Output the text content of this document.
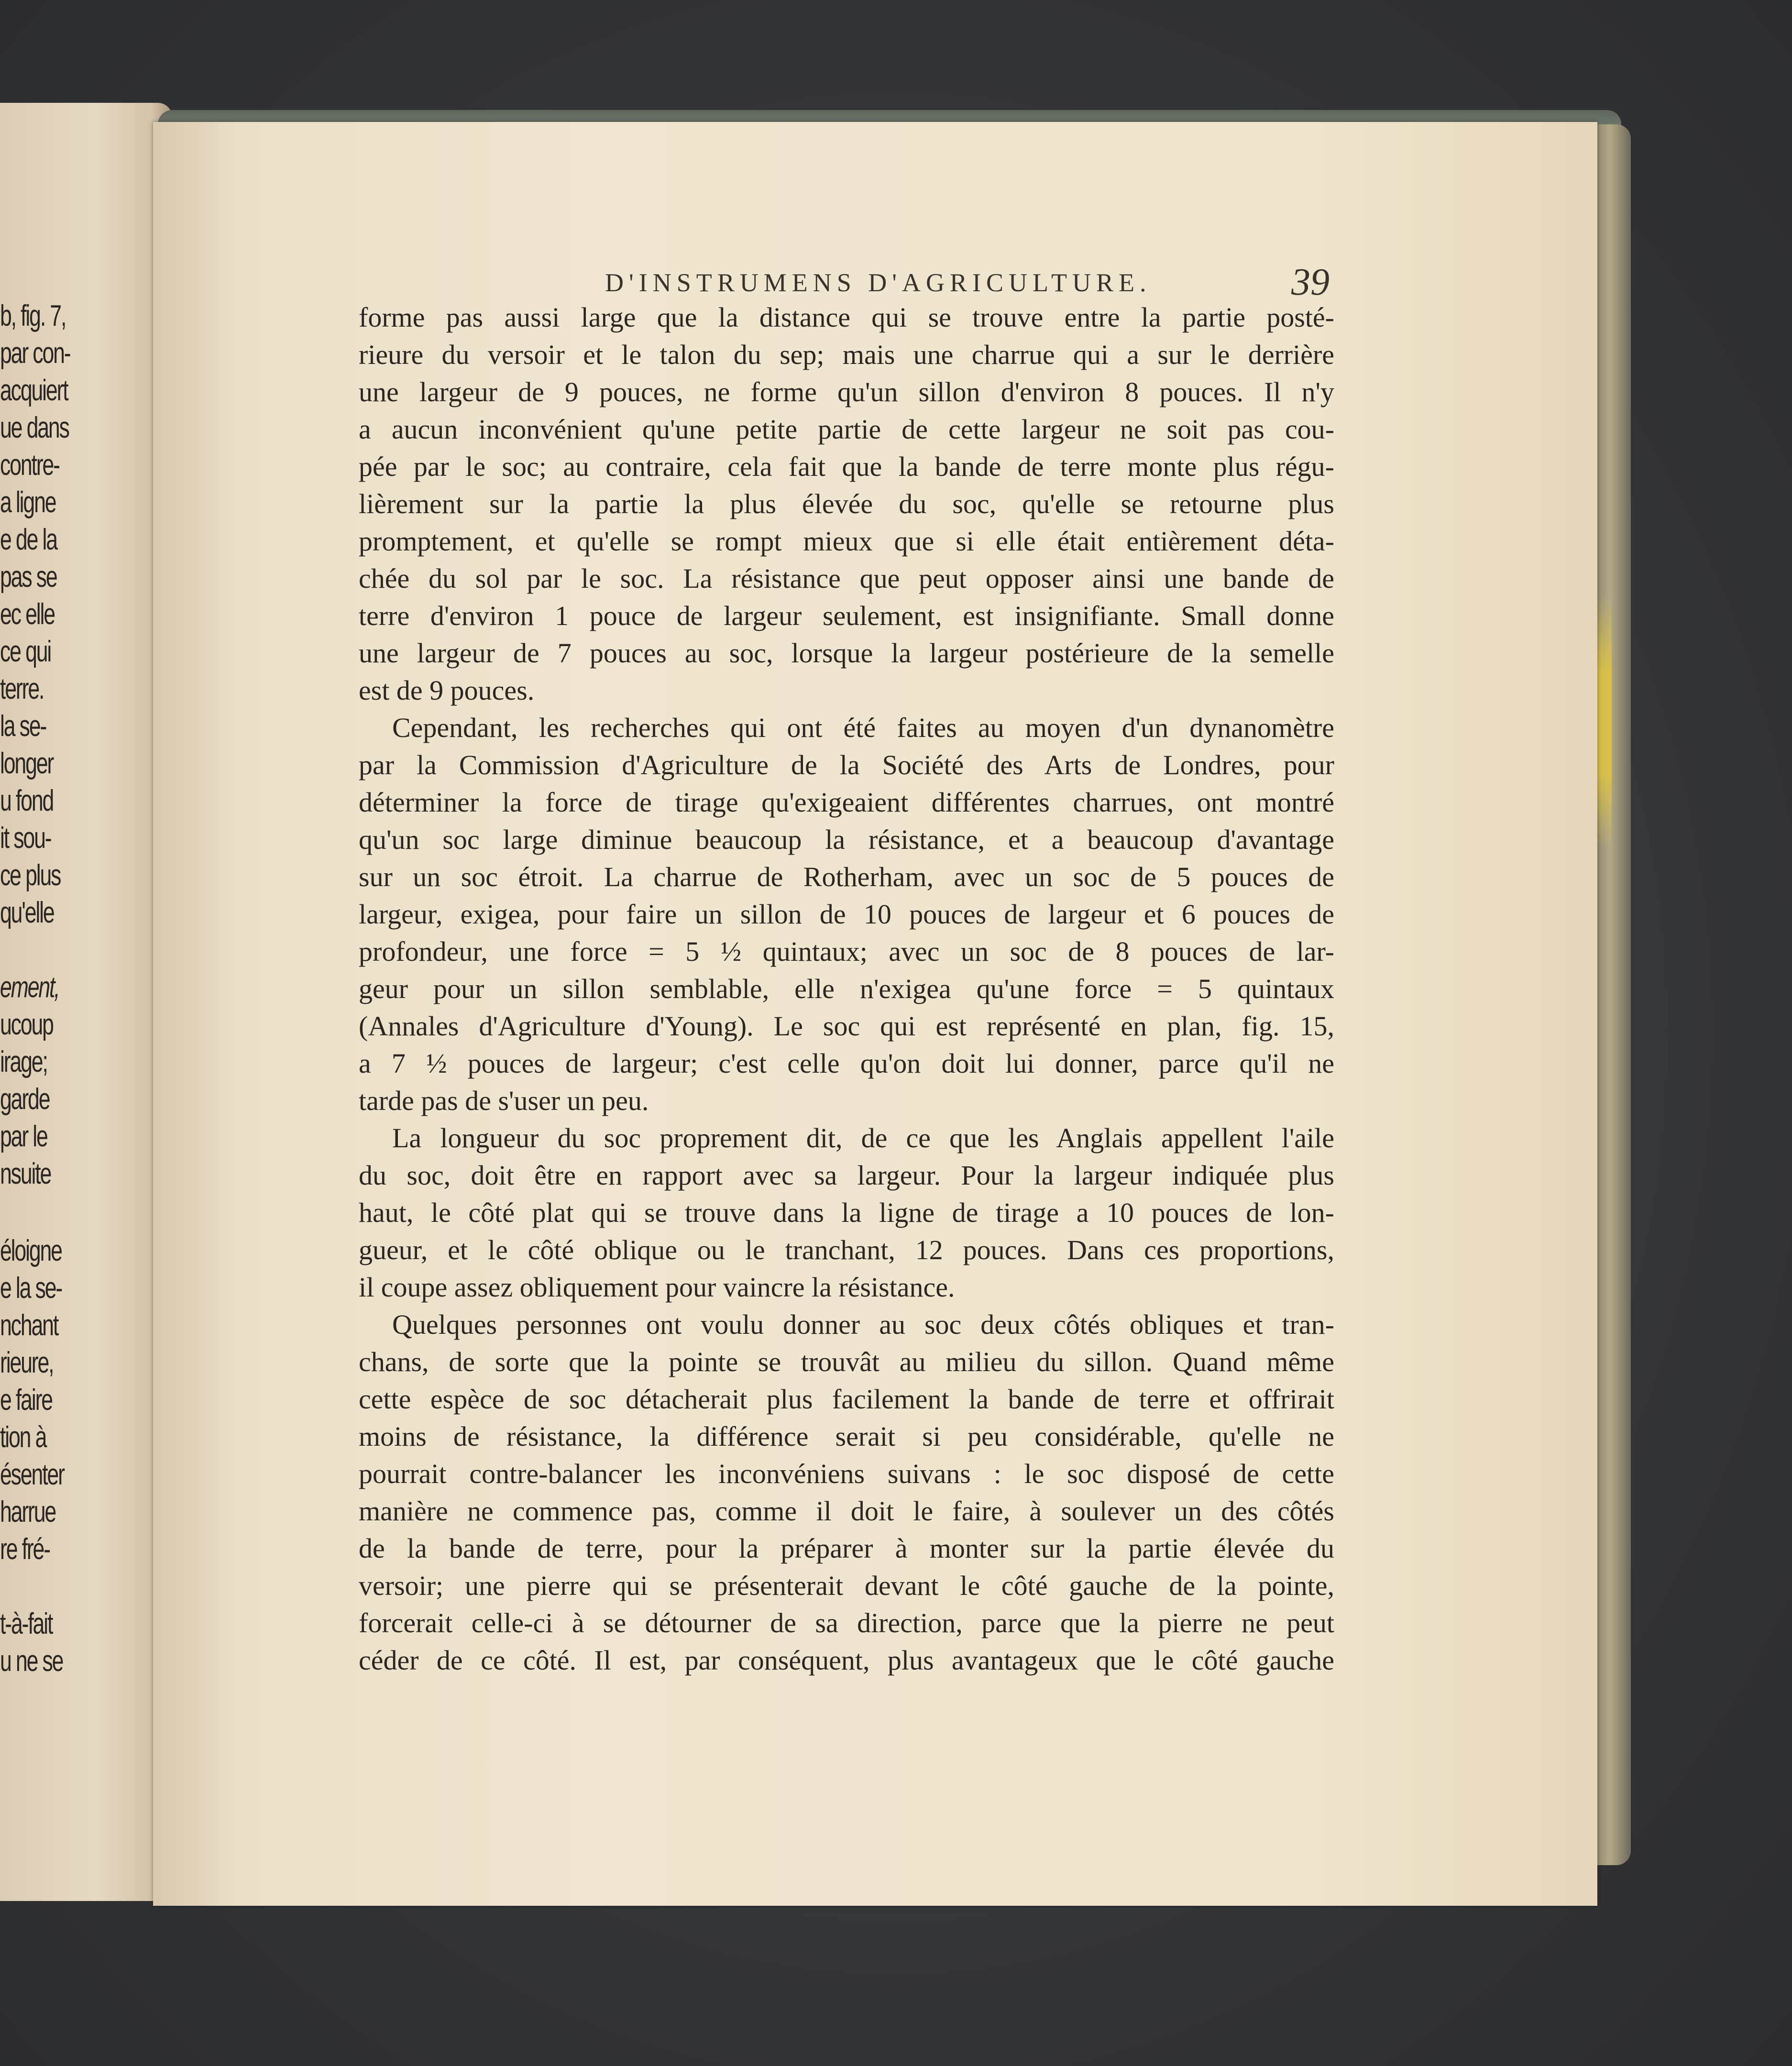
b, fig. 7,
par con-
acquiert
ue dans
contre-
a ligne
e de la
pas se
ec elle
ce qui
terre.
la se-
longer
u fond
it sou-
ce plus
qu'elle
ement,
ucoup
irage;
garde
par le
nsuite
éloigne
e la se-
nchant
rieure,
e faire
tion à
ésenter
harrue
re fré-
t-à-fait
u ne se
D'INSTRUMENS D'AGRICULTURE.	39
forme pas aussi large que la distance qui se trouve entre la partie posté-
rieure du versoir et le talon du sep; mais une charrue qui a sur le derrière
une largeur de 9 pouces, ne forme qu'un sillon d'environ 8 pouces. Il n'y
a aucun inconvénient qu'une petite partie de cette largeur ne soit pas cou-
pée par le soc; au contraire, cela fait que la bande de terre monte plus régu-
lièrement sur la partie la plus élevée du soc, qu'elle se retourne plus
promptement, et qu'elle se rompt mieux que si elle était entièrement déta-
chée du sol par le soc. La résistance que peut opposer ainsi une bande de
terre d'environ 1 pouce de largeur seulement, est insignifiante. Small donne
une largeur de 7 pouces au soc, lorsque la largeur postérieure de la semelle
est de 9 pouces.
Cependant, les recherches qui ont été faites au moyen d'un dynanomètre
par la Commission d'Agriculture de la Société des Arts de Londres, pour
déterminer la force de tirage qu'exigeaient différentes charrues, ont montré
qu'un soc large diminue beaucoup la résistance, et a beaucoup d'avantage
sur un soc étroit. La charrue de Rotherham, avec un soc de 5 pouces de
largeur, exigea, pour faire un sillon de 10 pouces de largeur et 6 pouces de
profondeur, une force = 5 ½ quintaux; avec un soc de 8 pouces de lar-
geur pour un sillon semblable, elle n'exigea qu'une force = 5 quintaux
(Annales d'Agriculture d'Young). Le soc qui est représenté en plan, fig. 15,
a 7 ½ pouces de largeur; c'est celle qu'on doit lui donner, parce qu'il ne
tarde pas de s'user un peu.
La longueur du soc proprement dit, de ce que les Anglais appellent l'aile
du soc, doit être en rapport avec sa largeur. Pour la largeur indiquée plus
haut, le côté plat qui se trouve dans la ligne de tirage a 10 pouces de lon-
gueur, et le côté oblique ou le tranchant, 12 pouces. Dans ces proportions,
il coupe assez obliquement pour vaincre la résistance.
Quelques personnes ont voulu donner au soc deux côtés obliques et tran-
chans, de sorte que la pointe se trouvât au milieu du sillon. Quand même
cette espèce de soc détacherait plus facilement la bande de terre et offrirait
moins de résistance, la différence serait si peu considérable, qu'elle ne
pourrait contre-balancer les inconvéniens suivans : le soc disposé de cette
manière ne commence pas, comme il doit le faire, à soulever un des côtés
de la bande de terre, pour la préparer à monter sur la partie élevée du
versoir; une pierre qui se présenterait devant le côté gauche de la pointe,
forcerait celle-ci à se détourner de sa direction, parce que la pierre ne peut
céder de ce côté. Il est, par conséquent, plus avantageux que le côté gauche
